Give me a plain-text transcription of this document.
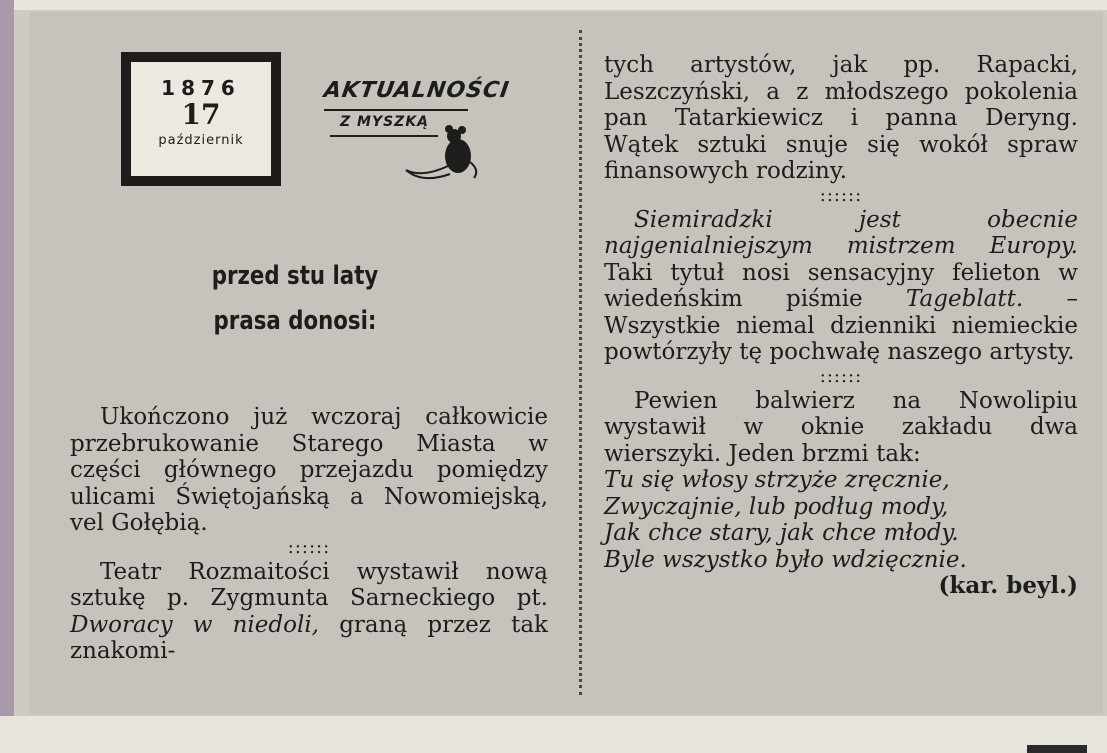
1876
17
październik
AKTUALNOŚCI
Z MYSZKĄ
przed stu laty
prasa donosi:

Ukończono już wczoraj całkowicie przebrukowanie Starego Miasta w części głównego przejazdu pomiędzy ulicami Świętojańską a Nowomiejską, vel Gołębią.

::::::

Teatr Rozmaitości wystawił nową sztukę p. Zygmunta Sarneckiego pt. Dworacy w niedoli, graną przez tak znakomi-

tych artystów, jak pp. Rapacki, Leszczyński, a z młodszego pokolenia pan Tatarkiewicz i panna Deryng. Wątek sztuki snuje się wokół spraw finansowych rodziny.

::::::

Siemiradzki jest obecnie najgenialniejszym mistrzem Europy. Taki tytuł nosi sensacyjny felieton w wiedeńskim piśmie Tageblatt. – Wszystkie niemal dzienniki niemieckie powtórzyły tę pochwałę naszego artysty.

::::::

Pewien balwierz na Nowolipiu wystawił w oknie zakładu dwa wierszyki. Jeden brzmi tak:

Tu się włosy strzyże zręcznie,
Zwyczajnie, lub podług mody,
Jak chce stary, jak chce młody.
Byle wszystko było wdzięcznie.
(kar. beyl.)
